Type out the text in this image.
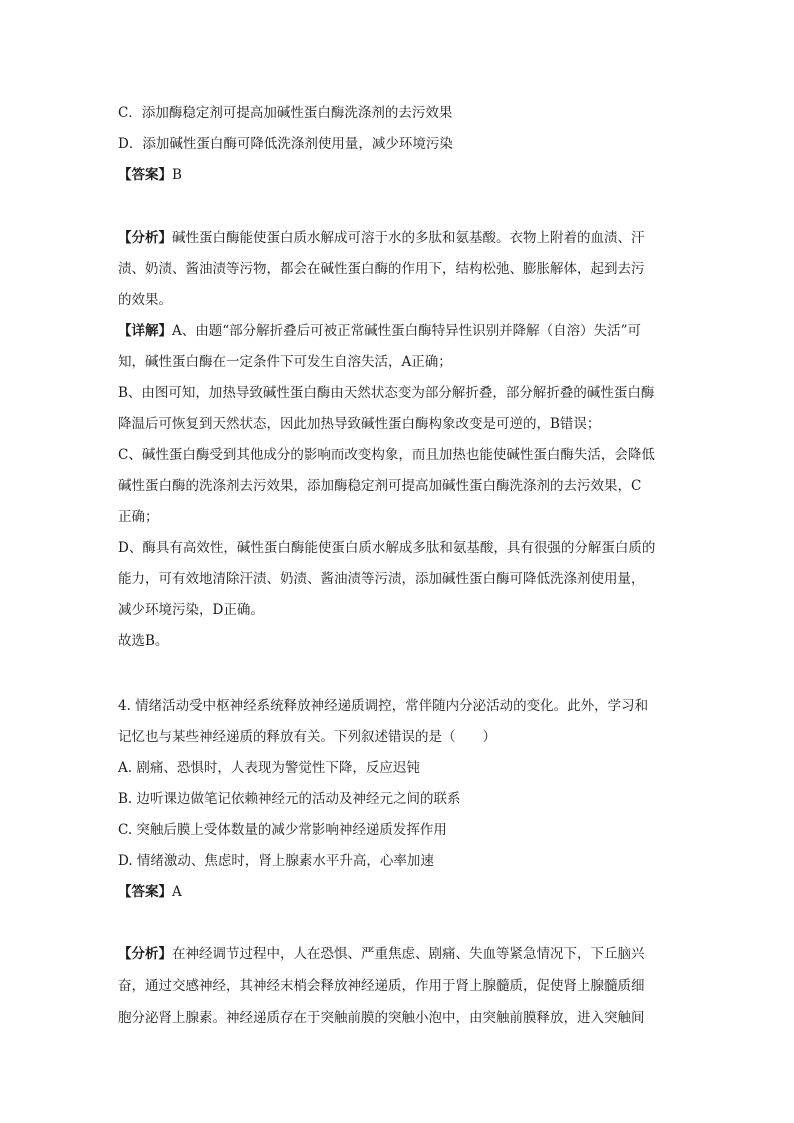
C．添加酶稳定剂可提高加碱性蛋白酶洗涤剂的去污效果
D．添加碱性蛋白酶可降低洗涤剂使用量，减少环境污染
【答案】B
【分析】碱性蛋白酶能使蛋白质水解成可溶于水的多肽和氨基酸。衣物上附着的血渍、汗
渍、奶渍、酱油渍等污物，都会在碱性蛋白酶的作用下，结构松弛、膨胀解体，起到去污
的效果。
【详解】A、由题“部分解折叠后可被正常碱性蛋白酶特异性识别并降解（自溶）失活”可
知，碱性蛋白酶在一定条件下可发生自溶失活，A正确；
B、由图可知，加热导致碱性蛋白酶由天然状态变为部分解折叠，部分解折叠的碱性蛋白酶
降温后可恢复到天然状态，因此加热导致碱性蛋白酶构象改变是可逆的，B错误；
C、碱性蛋白酶受到其他成分的影响而改变构象，而且加热也能使碱性蛋白酶失活，会降低
碱性蛋白酶的洗涤剂去污效果，添加酶稳定剂可提高加碱性蛋白酶洗涤剂的去污效果，C
正确；
D、酶具有高效性，碱性蛋白酶能使蛋白质水解成多肽和氨基酸，具有很强的分解蛋白质的
能力，可有效地清除汗渍、奶渍、酱油渍等污渍，添加碱性蛋白酶可降低洗涤剂使用量，
减少环境污染，D正确。
故选B。
4. 情绪活动受中枢神经系统释放神经递质调控，常伴随内分泌活动的变化。此外，学习和
记忆也与某些神经递质的释放有关。下列叙述错误的是（　　）
A. 剧痛、恐惧时，人表现为警觉性下降，反应迟钝
B. 边听课边做笔记依赖神经元的活动及神经元之间的联系
C. 突触后膜上受体数量的减少常影响神经递质发挥作用
D. 情绪激动、焦虑时，肾上腺素水平升高，心率加速
【答案】A
【分析】在神经调节过程中，人在恐惧、严重焦虑、剧痛、失血等紧急情况下，下丘脑兴
奋，通过交感神经，其神经末梢会释放神经递质，作用于肾上腺髓质，促使肾上腺髓质细
胞分泌肾上腺素。神经递质存在于突触前膜的突触小泡中，由突触前膜释放，进入突触间
